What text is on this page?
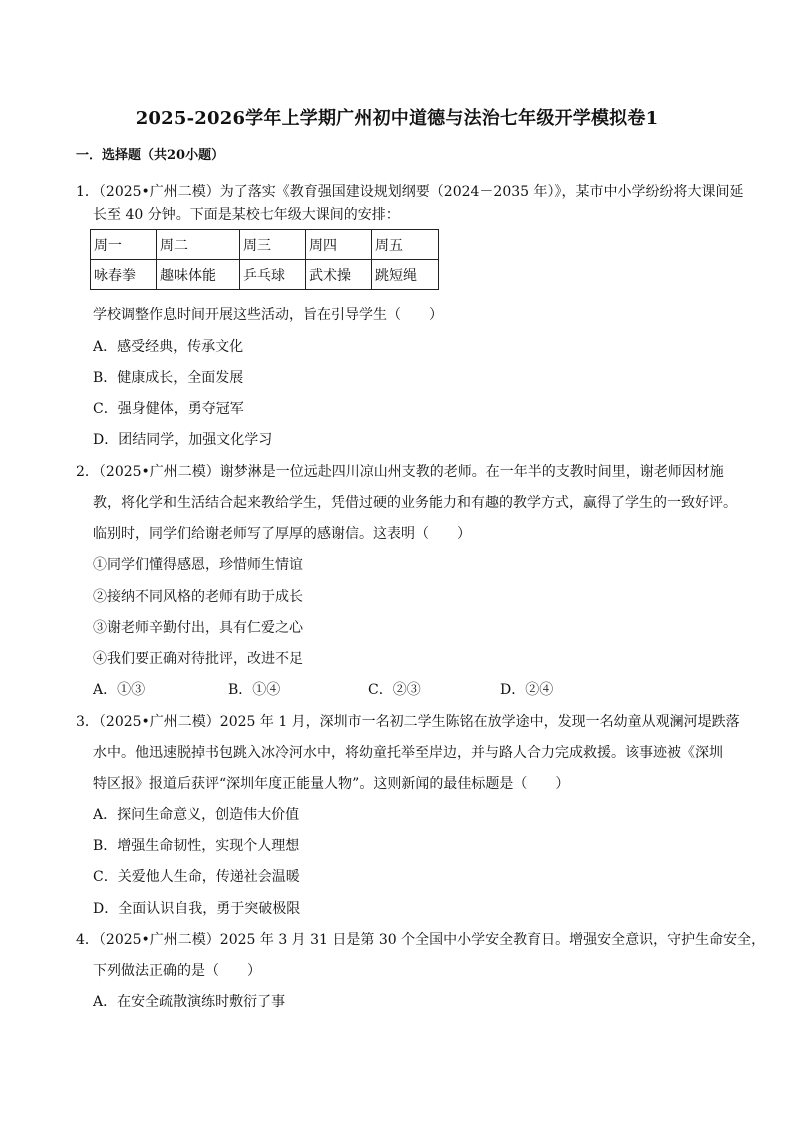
2025-2026学年上学期广州初中道德与法治七年级开学模拟卷1
一．选择题（共20小题）
1．（2025•广州二模）为了落实《教育强国建设规划纲要（2024－2035 年）》，某市中小学纷纷将大课间延
长至 40 分钟。下面是某校七年级大课间的安排：
周一	周二	周三	周四	周五
咏春拳	趣味体能	乒乓球	武术操	跳短绳
学校调整作息时间开展这些活动，旨在引导学生（　　）
A．感受经典，传承文化
B．健康成长，全面发展
C．强身健体，勇夺冠军
D．团结同学，加强文化学习
2．（2025•广州二模）谢梦淋是一位远赴四川凉山州支教的老师。在一年半的支教时间里，谢老师因材施
教，将化学和生活结合起来教给学生，凭借过硬的业务能力和有趣的教学方式，赢得了学生的一致好评。
临别时，同学们给谢老师写了厚厚的感谢信。这表明（　　）
①同学们懂得感恩，珍惜师生情谊
②接纳不同风格的老师有助于成长
③谢老师辛勤付出，具有仁爱之心
④我们要正确对待批评，改进不足
A．①③	B．①④	C．②③	D．②④
3．（2025•广州二模）2025 年 1 月，深圳市一名初二学生陈铭在放学途中，发现一名幼童从观澜河堤跌落
水中。他迅速脱掉书包跳入冰冷河水中，将幼童托举至岸边，并与路人合力完成救援。该事迹被《深圳
特区报》报道后获评“深圳年度正能量人物”。这则新闻的最佳标题是（　　）
A．探问生命意义，创造伟大价值
B．增强生命韧性，实现个人理想
C．关爱他人生命，传递社会温暖
D．全面认识自我，勇于突破极限
4．（2025•广州二模）2025 年 3 月 31 日是第 30 个全国中小学安全教育日。增强安全意识，守护生命安全，
下列做法正确的是（　　）
A．在安全疏散演练时敷衍了事
